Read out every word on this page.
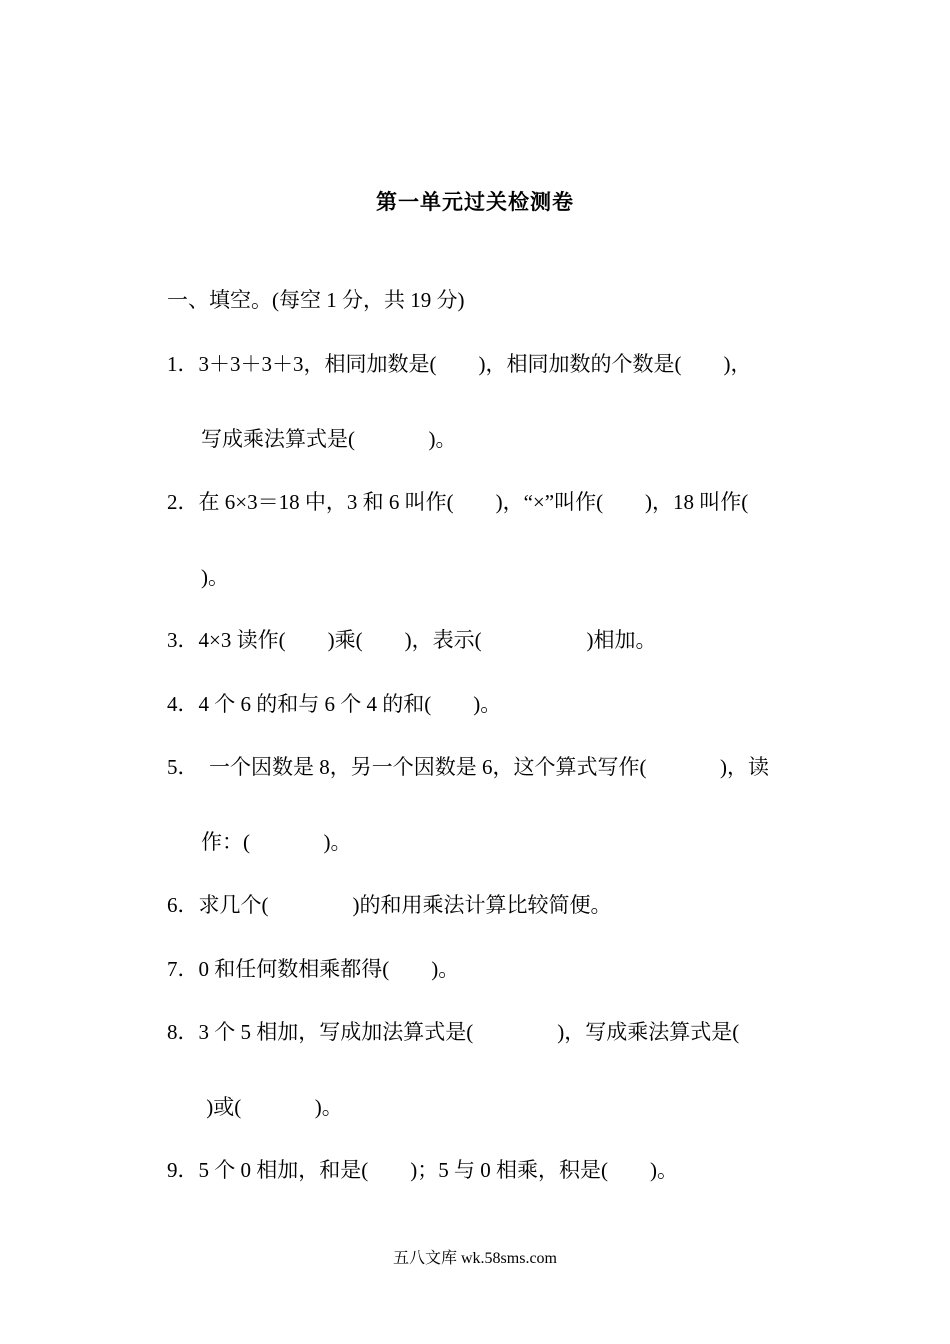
第一单元过关检测卷
一、填空。(每空 1 分，共 19 分)
1．3＋3＋3＋3，相同加数是(        )，相同加数的个数是(        )，
写成乘法算式是(              )。
2．在 6×3＝18 中，3 和 6 叫作(        )，“×”叫作(        )，18 叫作(
)。
3．4×3 读作(        )乘(        )，表示(                    )相加。
4．4 个 6 的和与 6 个 4 的和(        )。
5．  一个因数是 8，另一个因数是 6，这个算式写作(              )，读
作：(              )。
6．求几个(                )的和用乘法计算比较简便。
7．0 和任何数相乘都得(        )。
8．3 个 5 相加，写成加法算式是(                )，写成乘法算式是(
)或(              )。
9．5 个 0 相加，和是(        )；5 与 0 相乘，积是(        )。
五八文库 wk.58sms.com
